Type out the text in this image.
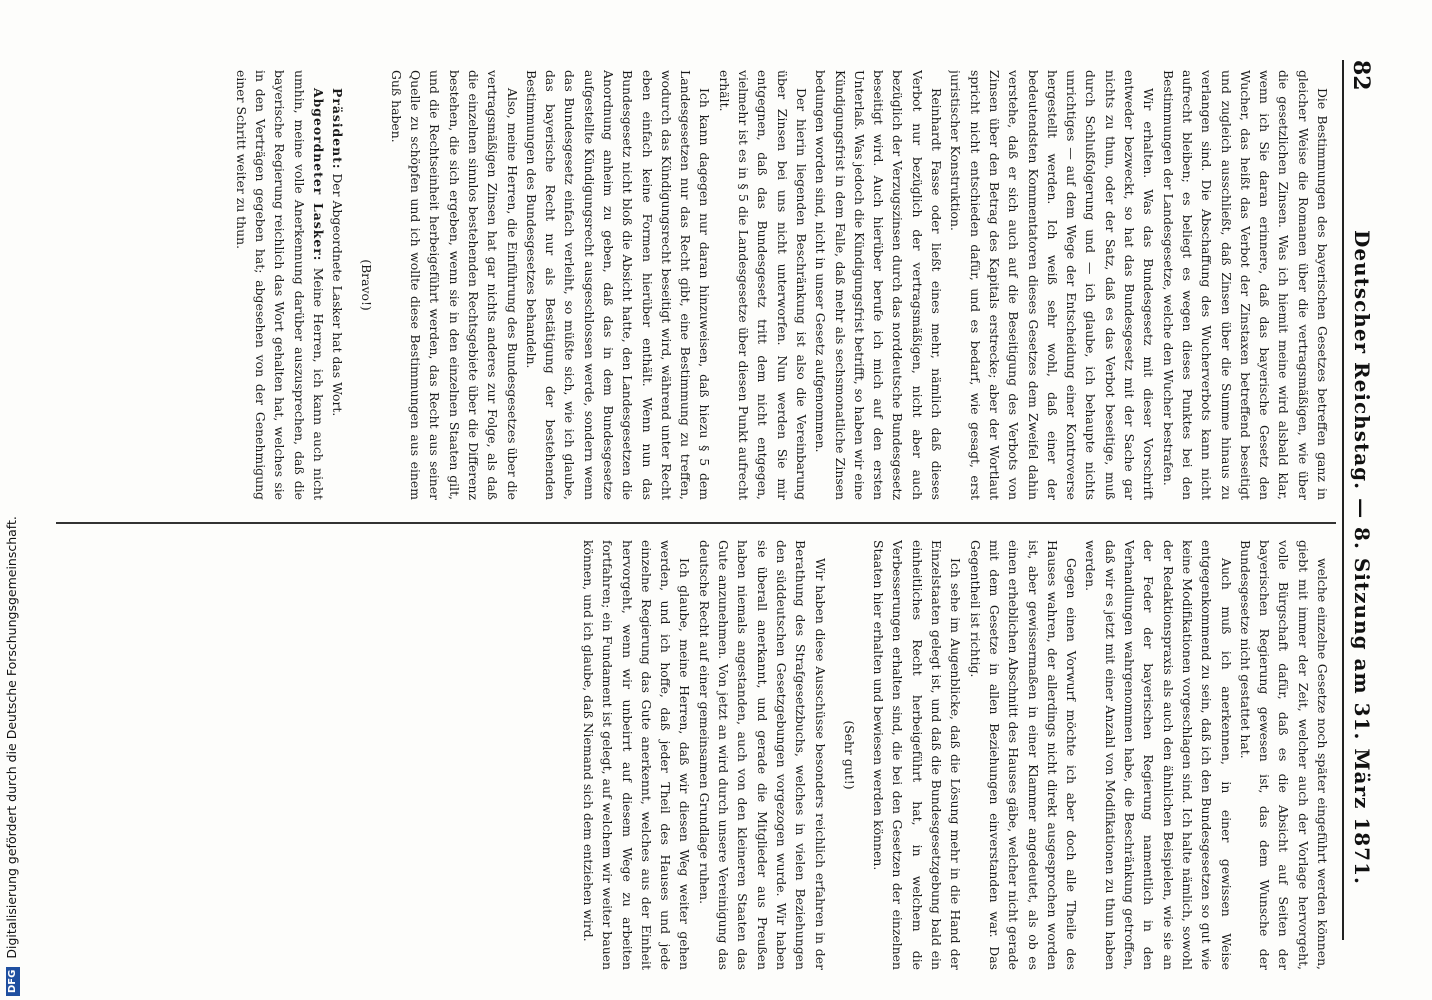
82
Deutscher Reichstag. — 8. Sitzung am 31. März 1871.

Die Bestimmungen des bayerischen Gesetzes betreffen ganz in gleicher Weise die Romanen über die vertragsmäßigen, wie über die gesetzlichen Zinsen. Was ich hiemit meine wird alsbald klar, wenn ich Sie daran erinnere, daß das bayerische Gesetz den Wucher, das heißt das Verbot der Zinstaxen betreffend beseitigt und zugleich ausschließt, daß Zinsen über die Summe hinaus zu verlangen sind. Die Abschaffung des Wucherverbots kann nicht aufrecht bleiben; es beliegt es wegen dieses Punktes bei den Bestimmungen der Landesgesetze, welche den Wucher bestrafen.

Wir erhalten. Was das Bundesgesetz mit dieser Vorschrift entweder bezweckt, so hat das Bundesgesetz mit der Sache gar nichts zu thun, oder der Satz, daß es das Verbot beseitige, muß durch Schlußfolgerung und — ich glaube, ich behaupte nichts unrichtiges — auf dem Wege der Entscheidung einer Kontroverse hergestellt werden. Ich weiß sehr wohl, daß einer der bedeutendsten Kommentatoren dieses Gesetzes dem Zweifel dahin verstehe, daß er sich auch auf die Beseitigung des Verbots von Zinsen über den Betrag des Kapitals erstrecke; aber der Wortlaut spricht nicht entschieden dafür, und es bedarf, wie gesagt, erst juristischer Konstruktion.

Reinhardt Fasse oder ließt eines mehr, nämlich daß dieses Verbot nur bezüglich der vertragsmäßigen, nicht aber auch bezüglich der Verzugszinsen durch das norddeutsche Bundesgesetz beseitigt wird. Auch hierüber berufe ich mich auf den ersten Unterlaß. Was jedoch die Kündigungsfrist betrifft, so haben wir eine Kündigungsfrist in dem Falle, daß mehr als sechsmonatliche Zinsen bedungen worden sind, nicht in unser Gesetz aufgenommen.

Der hierin liegenden Beschränkung ist also die Vereinbarung über Zinsen bei uns nicht unterworfen. Nun werden Sie mir entgegnen, daß das Bundesgesetz tritt dem nicht entgegen, vielmehr ist es in § 5 die Landesgesetze über diesen Punkt aufrecht erhält.

Ich kann dagegen nur daran hinzuweisen, daß hiezu § 5 dem Landesgesetzen nur das Recht gibt, eine Bestimmung zu treffen, wodurch das Kündigungsrecht beseitigt wird, während unter Recht eben einfach keine Formen hierüber enthält. Wenn nun das Bundesgesetz nicht bloß die Absicht hatte, den Landesgesetzen die Anordnung anheim zu geben, daß das in dem Bundesgesetze aufgestellte Kündigungsrecht ausgeschlossen werde, sondern wenn das Bundesgesetz einfach verleiht, so müßte sich, wie ich glaube, das bayerische Recht nur als Bestätigung der bestehenden Bestimmungen des Bundesgesetzes behandeln.

Also, meine Herren, die Einführung des Bundesgesetzes über die vertragsmäßigen Zinsen hat gar nichts anderes zur Folge, als daß die einzelnen sinnlos bestehenden Rechtsgebiete über die Differenz bestehen, die sich ergeben, wenn sie in den einzelnen Staaten gilt, und die Rechtseinheit herbeigeführt werden, das Recht aus seiner Quelle zu schöpfen und ich wollte diese Bestimmungen aus einem Guß haben.

(Bravo!)

Präsident: Der Abgeordnete Lasker hat das Wort.

Abgeordneter Lasker: Meine Herren, ich kann auch nicht umhin, meine volle Anerkennung darüber auszusprechen, daß die bayerische Regierung reichlich das Wort gehalten hat, welches sie in den Verträgen gegeben hat; abgesehen von der Genehmigung einer Schritt weiter zu thun.

welche einzelne Gesetze noch später eingeführt werden können, giebt mit immer der Zeit, welcher auch der Vorlage hervorgeht, volle Bürgschaft dafür, daß es die Absicht auf Seiten der bayerischen Regierung gewesen ist, das dem Wunsche der Bundesgesetze nicht gestattet hat.

Auch muß ich anerkennen, in einer gewissen Weise entgegenkommend zu sein, daß ich den Bundesgesetzen so gut wie keine Modifikationen vorgeschlagen sind. Ich halte nämlich, sowohl der Redaktionspraxis als auch den ähnlichen Beispielen, wie sie an der Feder der bayerischen Regierung namentlich in den Verhandlungen wahrgenommen habe, die Beschränkung getroffen, daß wir es jetzt mit einer Anzahl von Modifikationen zu thun haben werden.

Gegen einen Vorwurf möchte ich aber doch alle Theile des Hauses wahren, der allerdings nicht direkt ausgesprochen worden ist, aber gewissermaßen in einer Klammer angedeutet, als ob es einen erheblichen Abschnitt des Hauses gäbe, welcher nicht gerade mit dem Gesetze in allen Beziehungen einverstanden war. Das Gegentheil ist richtig.

Ich sehe im Augenblicke, daß die Lösung mehr in die Hand der Einzelstaaten gelegt ist, und daß die Bundesgesetzgebung bald ein einheitliches Recht herbeigeführt hat, in welchem die Verbesserungen erhalten sind, die bei den Gesetzen der einzelnen Staaten hier erhalten und bewiesen werden können.

(Sehr gut!)

Wir haben diese Ausschüsse besonders reichlich erfahren in der Berathung des Strafgesetzbuchs, welches in vielen Beziehungen den süddeutschen Gesetzgebungen vorgezogen wurde. Wir haben sie überall anerkannt, und gerade die Mitglieder aus Preußen haben niemals angestanden, auch von den kleineren Staaten das Gute anzunehmen. Von jetzt an wird durch unsere Vereinigung das deutsche Recht auf einer gemeinsamen Grundlage ruhen.

Ich glaube, meine Herren, daß wir diesen Weg weiter gehen werden, und ich hoffe, daß jeder Theil des Hauses und jede einzelne Regierung das Gute anerkennt, welches aus der Einheit hervorgeht, wenn wir unbeirrt auf diesem Wege zu arbeiten fortfahren; ein Fundament ist gelegt, auf welchem wir weiter bauen können, und ich glaube, daß Niemand sich dem entziehen wird.

DFGDigitalisierung gefördert durch die Deutsche Forschungsgemeinschaft.
